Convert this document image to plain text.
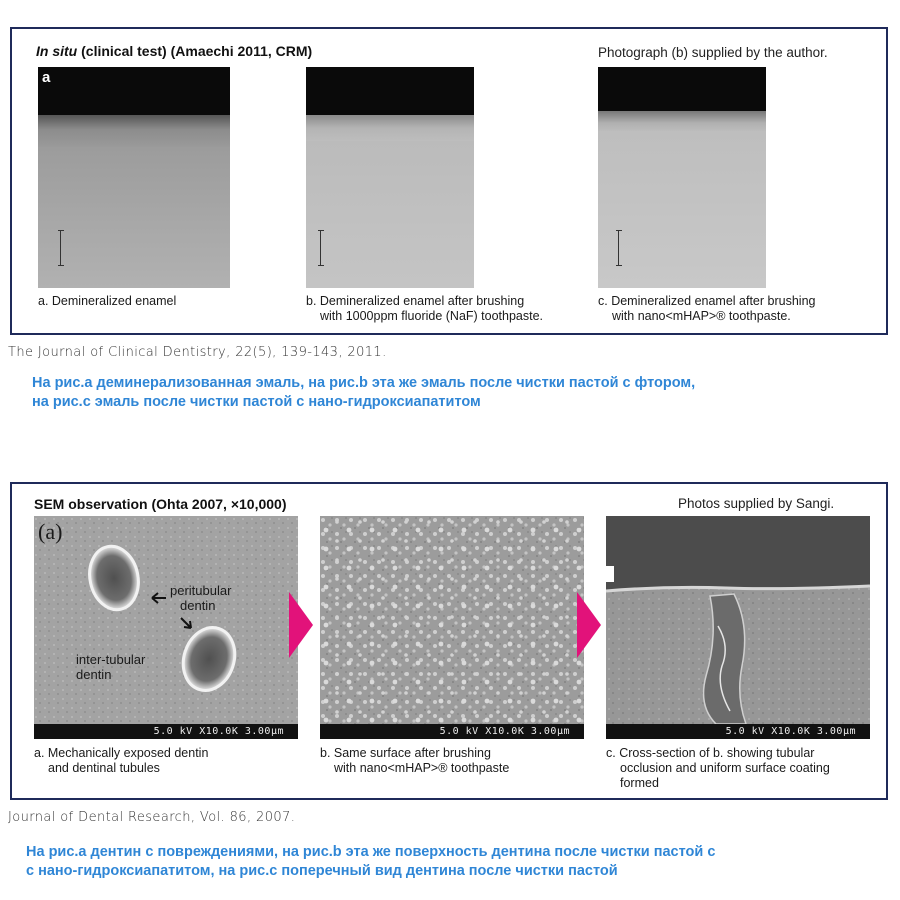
In situ (clinical test) (Amaechi 2011, CRM)	Photograph (b) supplied by the author.
a
a. Demineralized enamel	b. Demineralized enamel after brushing
with 1000ppm fluoride (NaF) toothpaste.
c. Demineralized enamel after brushing
with nano<mHAP>® toothpaste.
The Journal of Clinical Dentistry, 22(5), 139-143, 2011.
На рис.a деминерализованная эмаль, на рис.b эта же эмаль после чистки пастой с фтором,
на рис.c эмаль после чистки пастой с нано-гидроксиапатитом
SEM observation (Ohta 2007, ×10,000)	Photos supplied by Sangi.
(a)
peritubular
dentin
inter-tubular
dentin
5.0 kV X10.0K 3.00µm	5.0 kV X10.0K 3.00µm	5.0 kV X10.0K 3.00µm
a. Mechanically exposed dentin
and dentinal tubules
b. Same surface after brushing
with nano<mHAP>® toothpaste
c. Cross-section of b. showing tubular
occlusion and uniform surface coating
formed
Journal of Dental Research, Vol. 86, 2007.
На рис.a дентин с повреждениями, на рис.b эта же поверхность дентина после чистки пастой с
с нано-гидроксиапатитом, на рис.c поперечный вид дентина после чистки пастой
